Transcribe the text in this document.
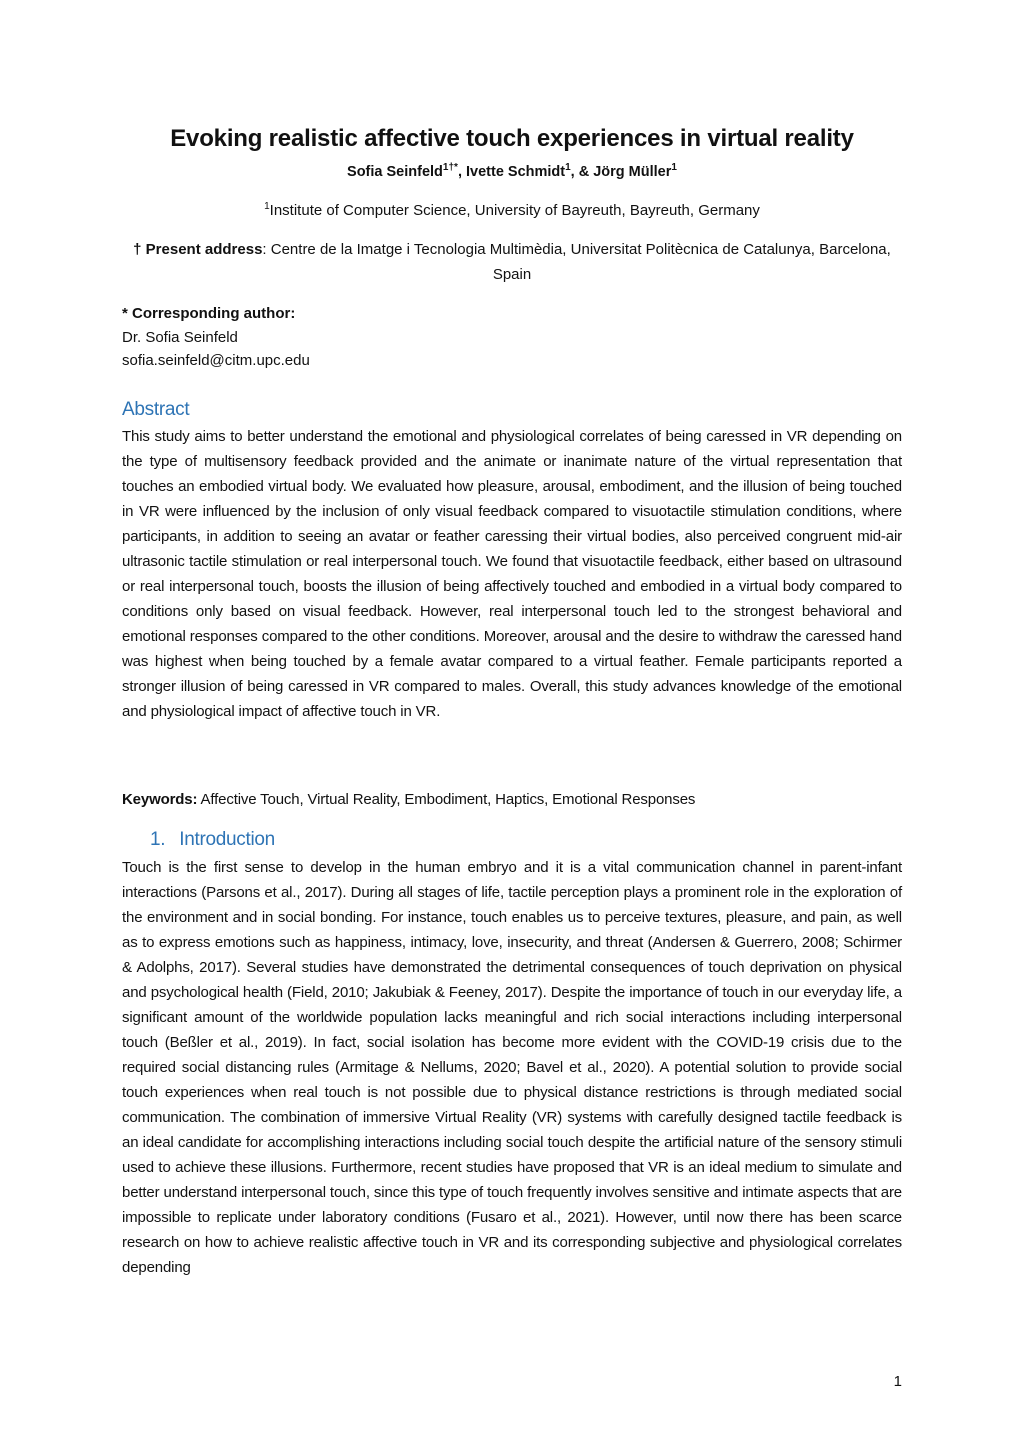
Evoking realistic affective touch experiences in virtual reality
Sofia Seinfeld$^{1\dagger*}$, Ivette Schmidt$^1$, & Jörg Müller$^1$
$^1$Institute of Computer Science, University of Bayreuth, Bayreuth, Germany
† Present address: Centre de la Imatge i Tecnologia Multimèdia, Universitat Politècnica de Catalunya, Barcelona, Spain
* Corresponding author:
Dr. Sofia Seinfeld
sofia.seinfeld@citm.upc.edu
Abstract

This study aims to better understand the emotional and physiological correlates of being caressed in VR depending on the type of multisensory feedback provided and the animate or inanimate nature of the virtual representation that touches an embodied virtual body. We evaluated how pleasure, arousal, embodiment, and the illusion of being touched in VR were influenced by the inclusion of only visual feedback compared to visuotactile stimulation conditions, where participants, in addition to seeing an avatar or feather caressing their virtual bodies, also perceived congruent mid-air ultrasonic tactile stimulation or real interpersonal touch. We found that visuotactile feedback, either based on ultrasound or real interpersonal touch, boosts the illusion of being affectively touched and embodied in a virtual body compared to conditions only based on visual feedback. However, real interpersonal touch led to the strongest behavioral and emotional responses compared to the other conditions. Moreover, arousal and the desire to withdraw the caressed hand was highest when being touched by a female avatar compared to a virtual feather. Female participants reported a stronger illusion of being caressed in VR compared to males. Overall, this study advances knowledge of the emotional and physiological impact of affective touch in VR.

Keywords: Affective Touch, Virtual Reality, Embodiment, Haptics, Emotional Responses
1. Introduction

Touch is the first sense to develop in the human embryo and it is a vital communication channel in parent-infant interactions (Parsons et al., 2017). During all stages of life, tactile perception plays a prominent role in the exploration of the environment and in social bonding. For instance, touch enables us to perceive textures, pleasure, and pain, as well as to express emotions such as happiness, intimacy, love, insecurity, and threat (Andersen & Guerrero, 2008; Schirmer & Adolphs, 2017). Several studies have demonstrated the detrimental consequences of touch deprivation on physical and psychological health (Field, 2010; Jakubiak & Feeney, 2017). Despite the importance of touch in our everyday life, a significant amount of the worldwide population lacks meaningful and rich social interactions including interpersonal touch (Beßler et al., 2019). In fact, social isolation has become more evident with the COVID-19 crisis due to the required social distancing rules (Armitage & Nellums, 2020; Bavel et al., 2020). A potential solution to provide social touch experiences when real touch is not possible due to physical distance restrictions is through mediated social communication. The combination of immersive Virtual Reality (VR) systems with carefully designed tactile feedback is an ideal candidate for accomplishing interactions including social touch despite the artificial nature of the sensory stimuli used to achieve these illusions. Furthermore, recent studies have proposed that VR is an ideal medium to simulate and better understand interpersonal touch, since this type of touch frequently involves sensitive and intimate aspects that are impossible to replicate under laboratory conditions (Fusaro et al., 2021). However, until now there has been scarce research on how to achieve realistic affective touch in VR and its corresponding subjective and physiological correlates depending

1
